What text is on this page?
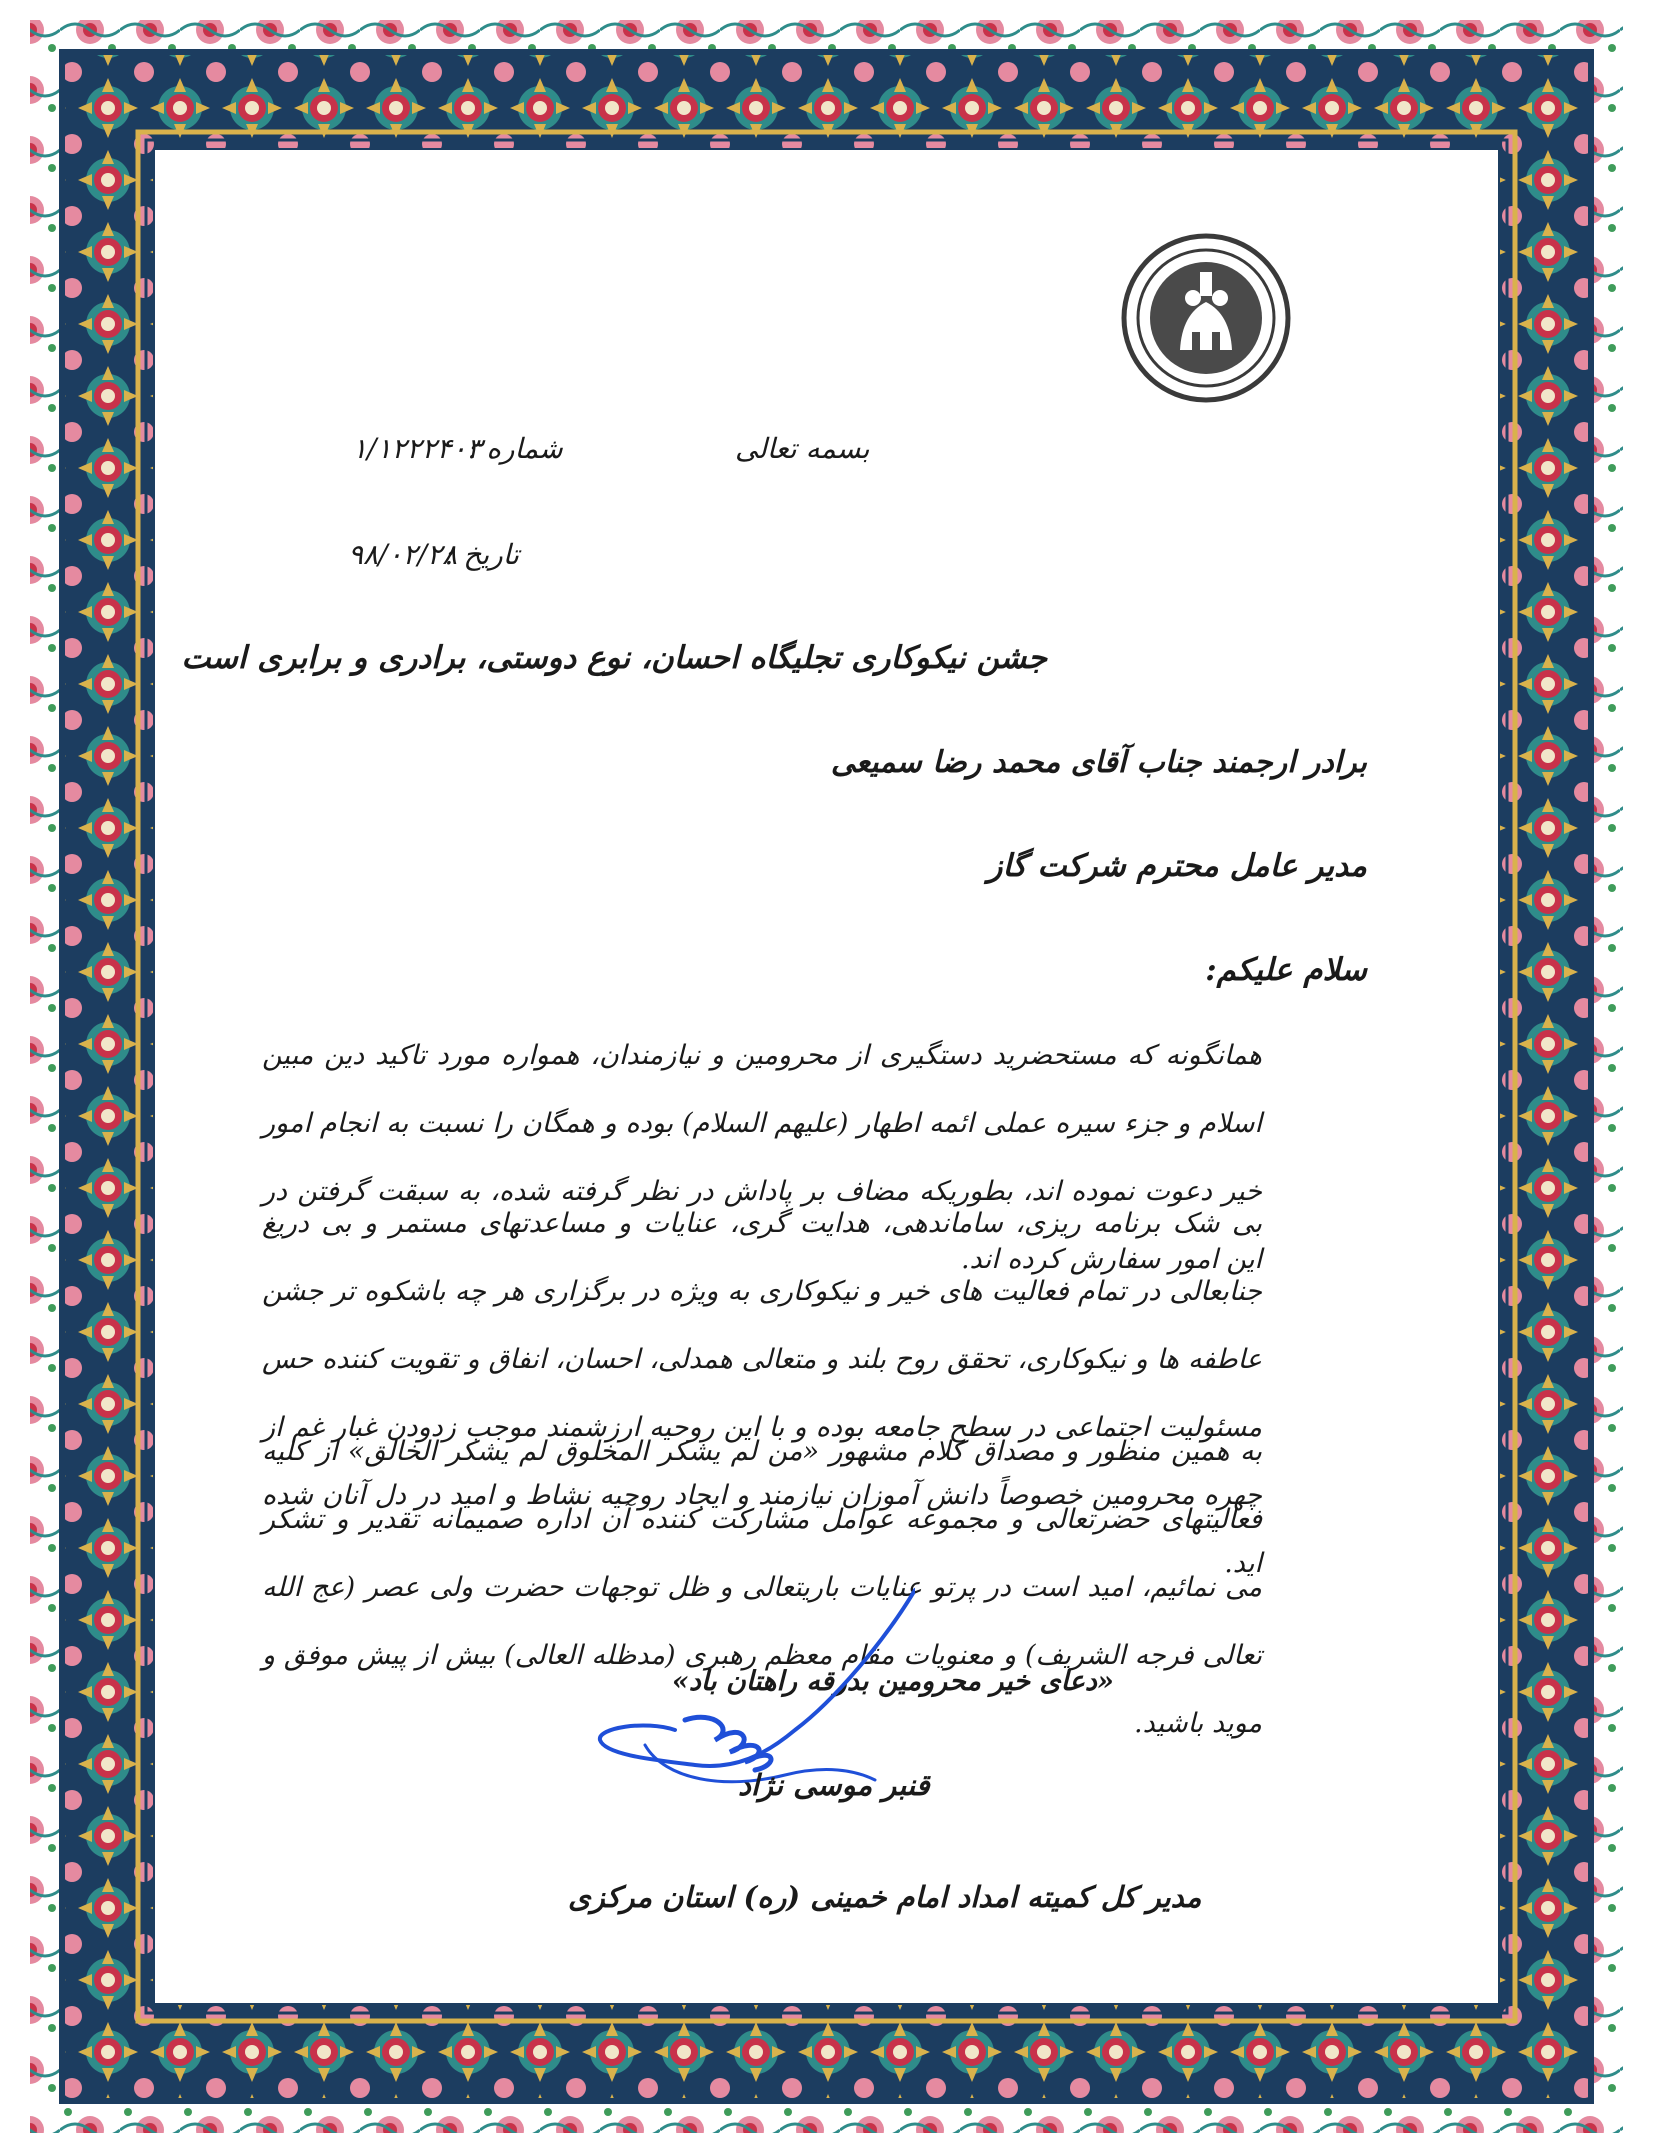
بسمه تعالی
شماره :
۱/۱۲۲۲۴۰۳
تاریخ :
۹۸/۰۲/۲۸
جشن نیکوکاری تجلیگاه احسان، نوع دوستی، برادری و برابری است
برادر ارجمند جناب آقای محمد رضا سمیعی
مدیر عامل محترم شرکت گاز
سلام علیکم:
همانگونه که مستحضرید دستگیری از محرومین و نیازمندان، همواره مورد تاکید دین مبین اسلام و جزء سیره عملی ائمه اطهار (علیهم السلام) بوده و همگان را نسبت به انجام امور خیر دعوت نموده اند، بطوریکه مضاف بر پاداش در نظر گرفته شده، به سبقت گرفتن در این امور سفارش کرده اند.
بی شک برنامه ریزی، ساماندهی، هدایت گری، عنایات و مساعدتهای مستمر و بی دریغ جنابعالی در تمام فعالیت های خیر و نیکوکاری به ویژه در برگزاری هر چه باشکوه تر جشن عاطفه ها و نیکوکاری، تحقق روح بلند و متعالی همدلی، احسان، انفاق و تقویت کننده حس مسئولیت اجتماعی در سطح جامعه بوده و با این روحیه ارزشمند موجب زدودن غبار غم از چهره محرومین خصوصاً دانش آموزان نیازمند و ایجاد روحیه نشاط و امید در دل آنان شده اید.
به همین منظور و مصداق کلام مشهور «من لم یشکر المخلوق لم یشکر الخالق» از کلیه فعالیتهای حضرتعالی و مجموعه عوامل مشارکت کننده آن اداره صمیمانه تقدیر و تشکر می نمائیم، امید است در پرتو عنایات باریتعالی و ظل توجهات حضرت ولی عصر (عج الله تعالی فرجه الشریف) و معنویات مقام معظم رهبری (مدظله العالی) بیش از پیش موفق و موید باشید.
«دعای خیر محرومین بدرقه راهتان باد»
قنبر موسی نژاد
مدیر کل کمیته امداد امام خمینی (ره) استان مرکزی
